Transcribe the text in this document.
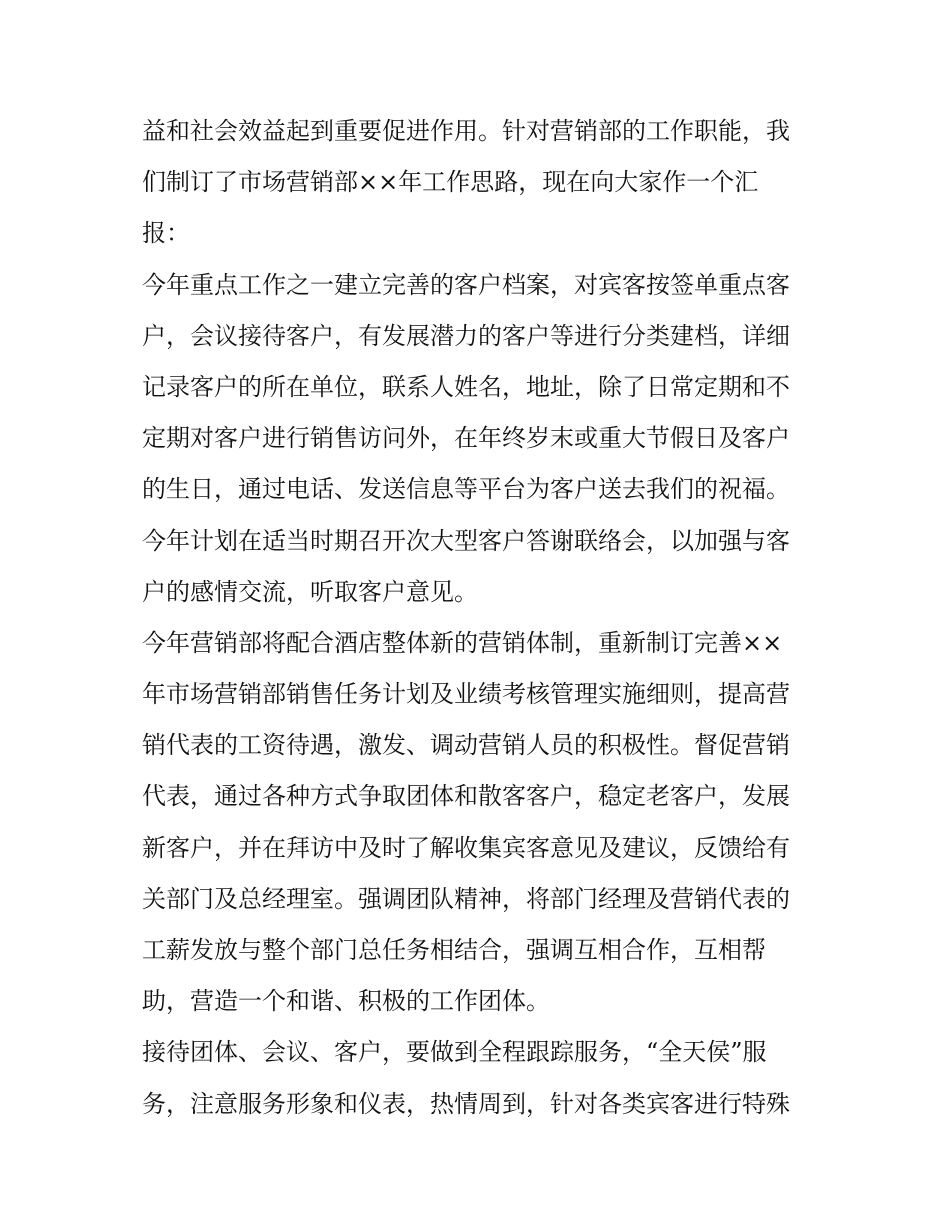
益和社会效益起到重要促进作用。针对营销部的工作职能，我
们制订了市场营销部××年工作思路，现在向大家作一个汇
报：
今年重点工作之一建立完善的客户档案，对宾客按签单重点客
户，会议接待客户，有发展潜力的客户等进行分类建档，详细
记录客户的所在单位，联系人姓名，地址，除了日常定期和不
定期对客户进行销售访问外，在年终岁末或重大节假日及客户
的生日，通过电话、发送信息等平台为客户送去我们的祝福。
今年计划在适当时期召开次大型客户答谢联络会，以加强与客
户的感情交流，听取客户意见。
今年营销部将配合酒店整体新的营销体制，重新制订完善××
年市场营销部销售任务计划及业绩考核管理实施细则，提高营
销代表的工资待遇，激发、调动营销人员的积极性。督促营销
代表，通过各种方式争取团体和散客客户，稳定老客户，发展
新客户，并在拜访中及时了解收集宾客意见及建议，反馈给有
关部门及总经理室。强调团队精神，将部门经理及营销代表的
工薪发放与整个部门总任务相结合，强调互相合作，互相帮
助，营造一个和谐、积极的工作团体。
接待团体、会议、客户，要做到全程跟踪服务，“全天侯”服
务，注意服务形象和仪表，热情周到，针对各类宾客进行特殊
